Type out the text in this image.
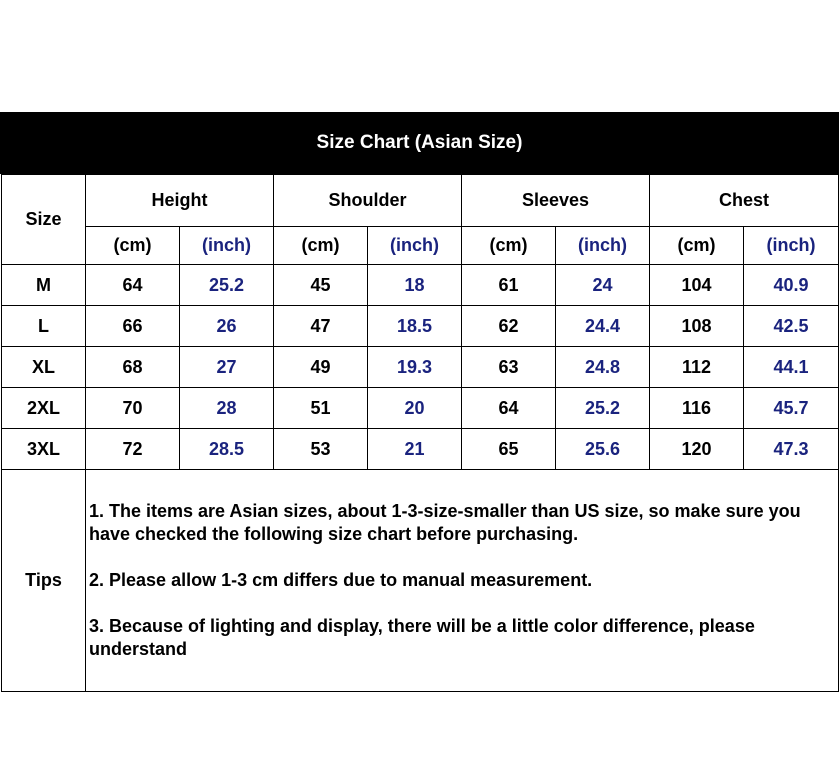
Size Chart (Asian Size)
Size	Height		Shoulder		Sleeves		Chest	
	(cm)	(inch)	(cm)	(inch)	(cm)	(inch)	(cm)	(inch)
M	64	25.2	45	18	61	24	104	40.9
L	66	26	47	18.5	62	24.4	108	42.5
XL	68	27	49	19.3	63	24.8	112	44.1
2XL	70	28	51	20	64	25.2	116	45.7
3XL	72	28.5	53	21	65	25.6	120	47.3
Tips	1. The items are Asian sizes, about 1-3-size-smaller than US size, so make sure you have checked the following size chart before purchasing.

2. Please allow 1-3 cm differs due to manual measurement.

3. Because of lighting and display, there will be a little color difference, please understand							
